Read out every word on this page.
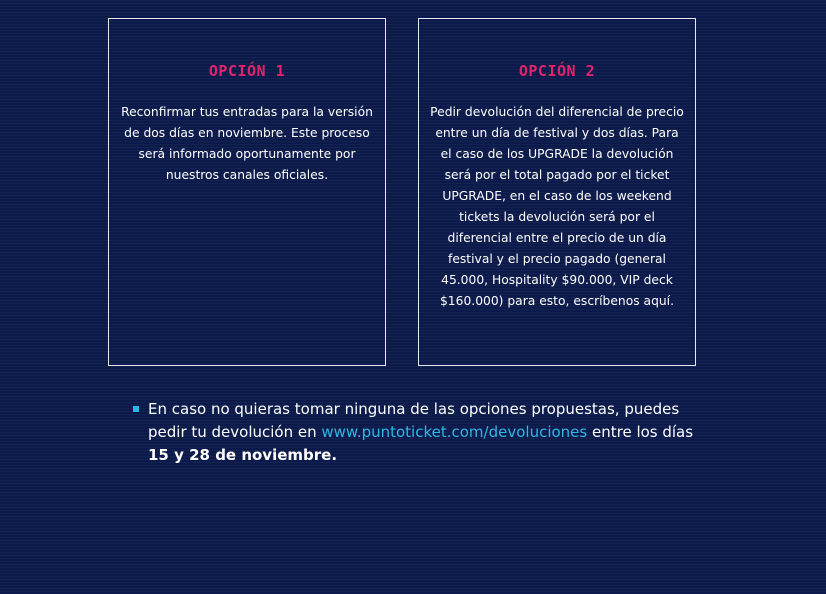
OPCIÓN 1
Reconfirmar tus entradas para la versión de dos días en noviembre. Este proceso será informado oportunamente por nuestros canales oficiales.
OPCIÓN 2
Pedir devolución del diferencial de precio entre un día de festival y dos días. Para el caso de los UPGRADE la devolución será por el total pagado por el ticket UPGRADE, en el caso de los weekend tickets la devolución será por el diferencial entre el precio de un día festival y el precio pagado (general 45.000, Hospitality $90.000, VIP deck $160.000) para esto, escríbenos aquí.
En caso no quieras tomar ninguna de las opciones propuestas, puedes pedir tu devolución en www.puntoticket.com/devoluciones entre los días 15 y 28 de noviembre.
